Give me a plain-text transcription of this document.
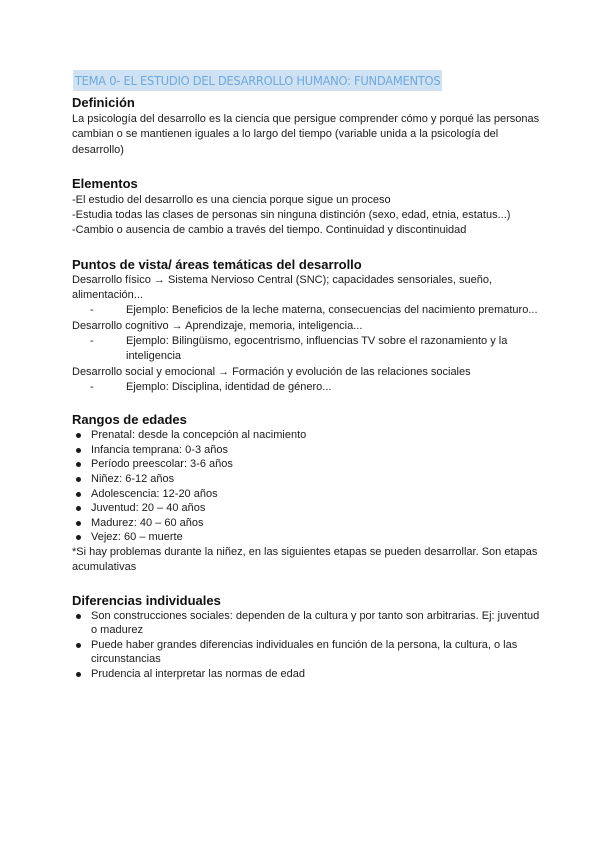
TEMA 0- EL ESTUDIO DEL DESARROLLO HUMANO: FUNDAMENTOS
Definición

La psicología del desarrollo es la ciencia que persigue comprender cómo y porqué las personas cambian o se mantienen iguales a lo largo del tiempo (variable unida a la psicología del desarrollo)

Elementos
-El estudio del desarrollo es una ciencia porque sigue un proceso
-Estudia todas las clases de personas sin ninguna distinción (sexo, edad, etnia, estatus...)
-Cambio o ausencia de cambio a través del tiempo. Continuidad y discontinuidad
Puntos de vista/ áreas temáticas del desarrollo
Desarrollo físico → Sistema Nervioso Central (SNC); capacidades sensoriales, sueño, alimentación...
-	Ejemplo: Beneficios de la leche materna, consecuencias del nacimiento prematuro...
Desarrollo cognitivo → Aprendizaje, memoria, inteligencia...
-	Ejemplo: Bilingüismo, egocentrismo, influencias TV sobre el razonamiento y la inteligencia
Desarrollo social y emocional → Formación y evolución de las relaciones sociales
-	Ejemplo: Disciplina, identidad de género...
Rangos de edades
Prenatal: desde la concepción al nacimiento
Infancia temprana: 0-3 años
Período preescolar: 3-6 años
Niñez: 6-12 años
Adolescencia: 12-20 años
Juventud: 20 – 40 años
Madurez: 40 – 60 años
Vejez: 60 – muerte

*Si hay problemas durante la niñez, en las siguientes etapas se pueden desarrollar. Son etapas acumulativas

Diferencias individuales
Son construcciones sociales: dependen de la cultura y por tanto son arbitrarias. Ej: juventud o madurez
Puede haber grandes diferencias individuales en función de la persona, la cultura, o las circunstancias
Prudencia al interpretar las normas de edad
